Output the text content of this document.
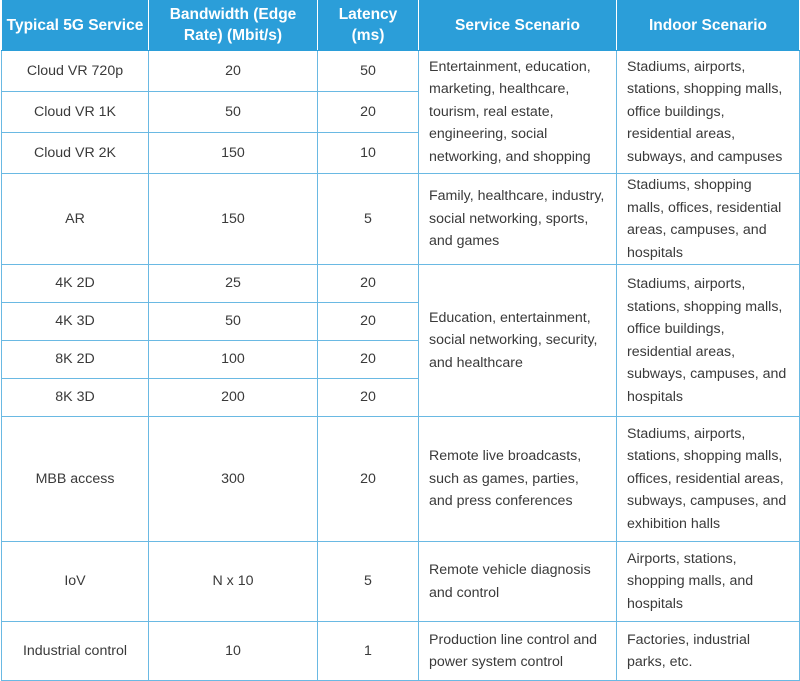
Typical 5G Service	Bandwidth (Edge Rate) (Mbit/s)	Latency (ms)	Service Scenario	Indoor Scenario
Cloud VR 720p	20	50	Entertainment, education, marketing, healthcare, tourism, real estate, engineering, social networking, and shopping	Stadiums, airports, stations, shopping malls, office buildings, residential areas, subways, and campuses
Cloud VR 1K	50	20		
Cloud VR 2K	150	10		
AR	150	5	Family, healthcare, industry, social networking, sports, and games	Stadiums, shopping malls, offices, residential areas, campuses, and hospitals
4K 2D	25	20	Education, entertainment, social networking, security, and healthcare	Stadiums, airports, stations, shopping malls, office buildings, residential areas, subways, campuses, and hospitals
4K 3D	50	20		
8K 2D	100	20		
8K 3D	200	20		
MBB access	300	20	Remote live broadcasts, such as games, parties, and press conferences	Stadiums, airports, stations, shopping malls, offices, residential areas, subways, campuses, and exhibition halls
IoV	N x 10	5	Remote vehicle diagnosis and control	Airports, stations, shopping malls, and hospitals
Industrial control	10	1	Production line control and power system control	Factories, industrial parks, etc.
